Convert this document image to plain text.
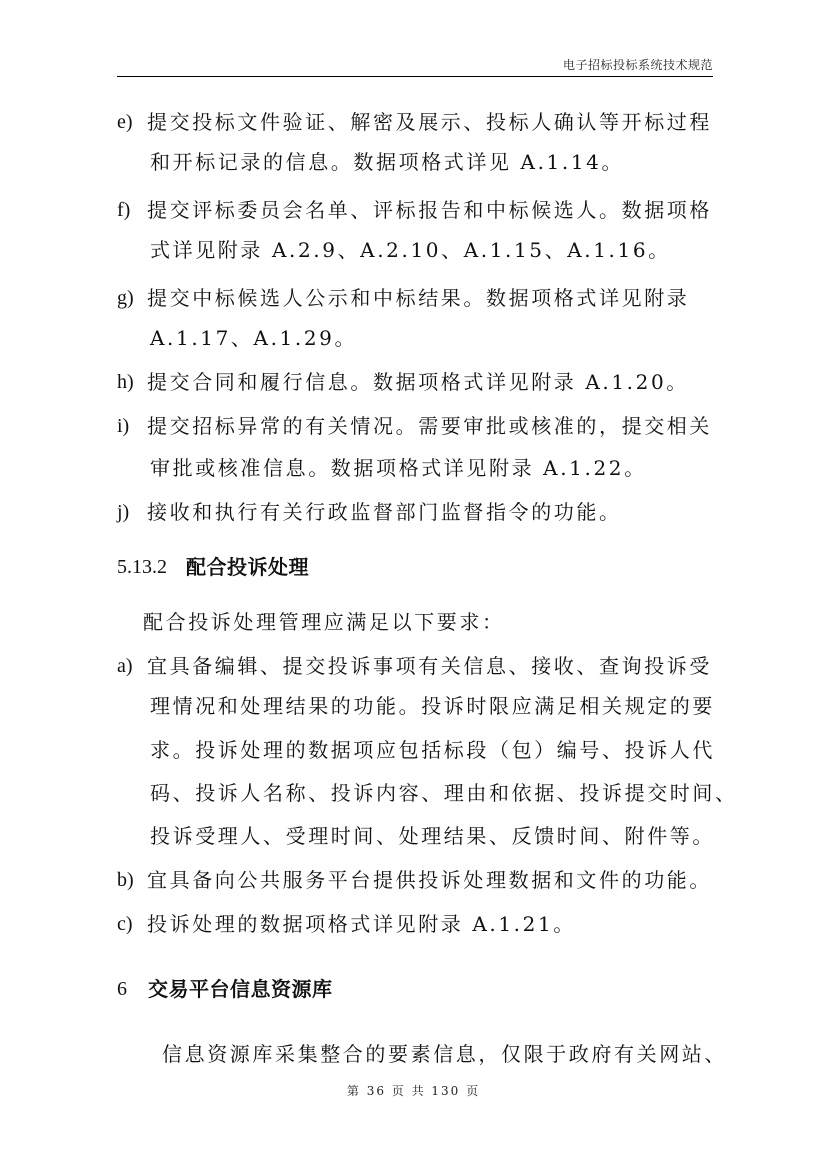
电子招标投标系统技术规范
e) 提交投标文件验证、解密及展示、投标人确认等开标过程
和开标记录的信息。数据项格式详见 A.1.14。
f) 提交评标委员会名单、评标报告和中标候选人。数据项格
式详见附录 A.2.9、A.2.10、A.1.15、A.1.16。
g) 提交中标候选人公示和中标结果。数据项格式详见附录
A.1.17、A.1.29。
h) 提交合同和履行信息。数据项格式详见附录 A.1.20。
i) 提交招标异常的有关情况。需要审批或核准的，提交相关
审批或核准信息。数据项格式详见附录 A.1.22。
j) 接收和执行有关行政监督部门监督指令的功能。
5.13.2 配合投诉处理
配合投诉处理管理应满足以下要求：
a) 宜具备编辑、提交投诉事项有关信息、接收、查询投诉受
理情况和处理结果的功能。投诉时限应满足相关规定的要
求。投诉处理的数据项应包括标段（包）编号、投诉人代
码、投诉人名称、投诉内容、理由和依据、投诉提交时间、
投诉受理人、受理时间、处理结果、反馈时间、附件等。
b) 宜具备向公共服务平台提供投诉处理数据和文件的功能。
c) 投诉处理的数据项格式详见附录 A.1.21。
6 交易平台信息资源库
信息资源库采集整合的要素信息，仅限于政府有关网站、
第 36 页 共 130 页
